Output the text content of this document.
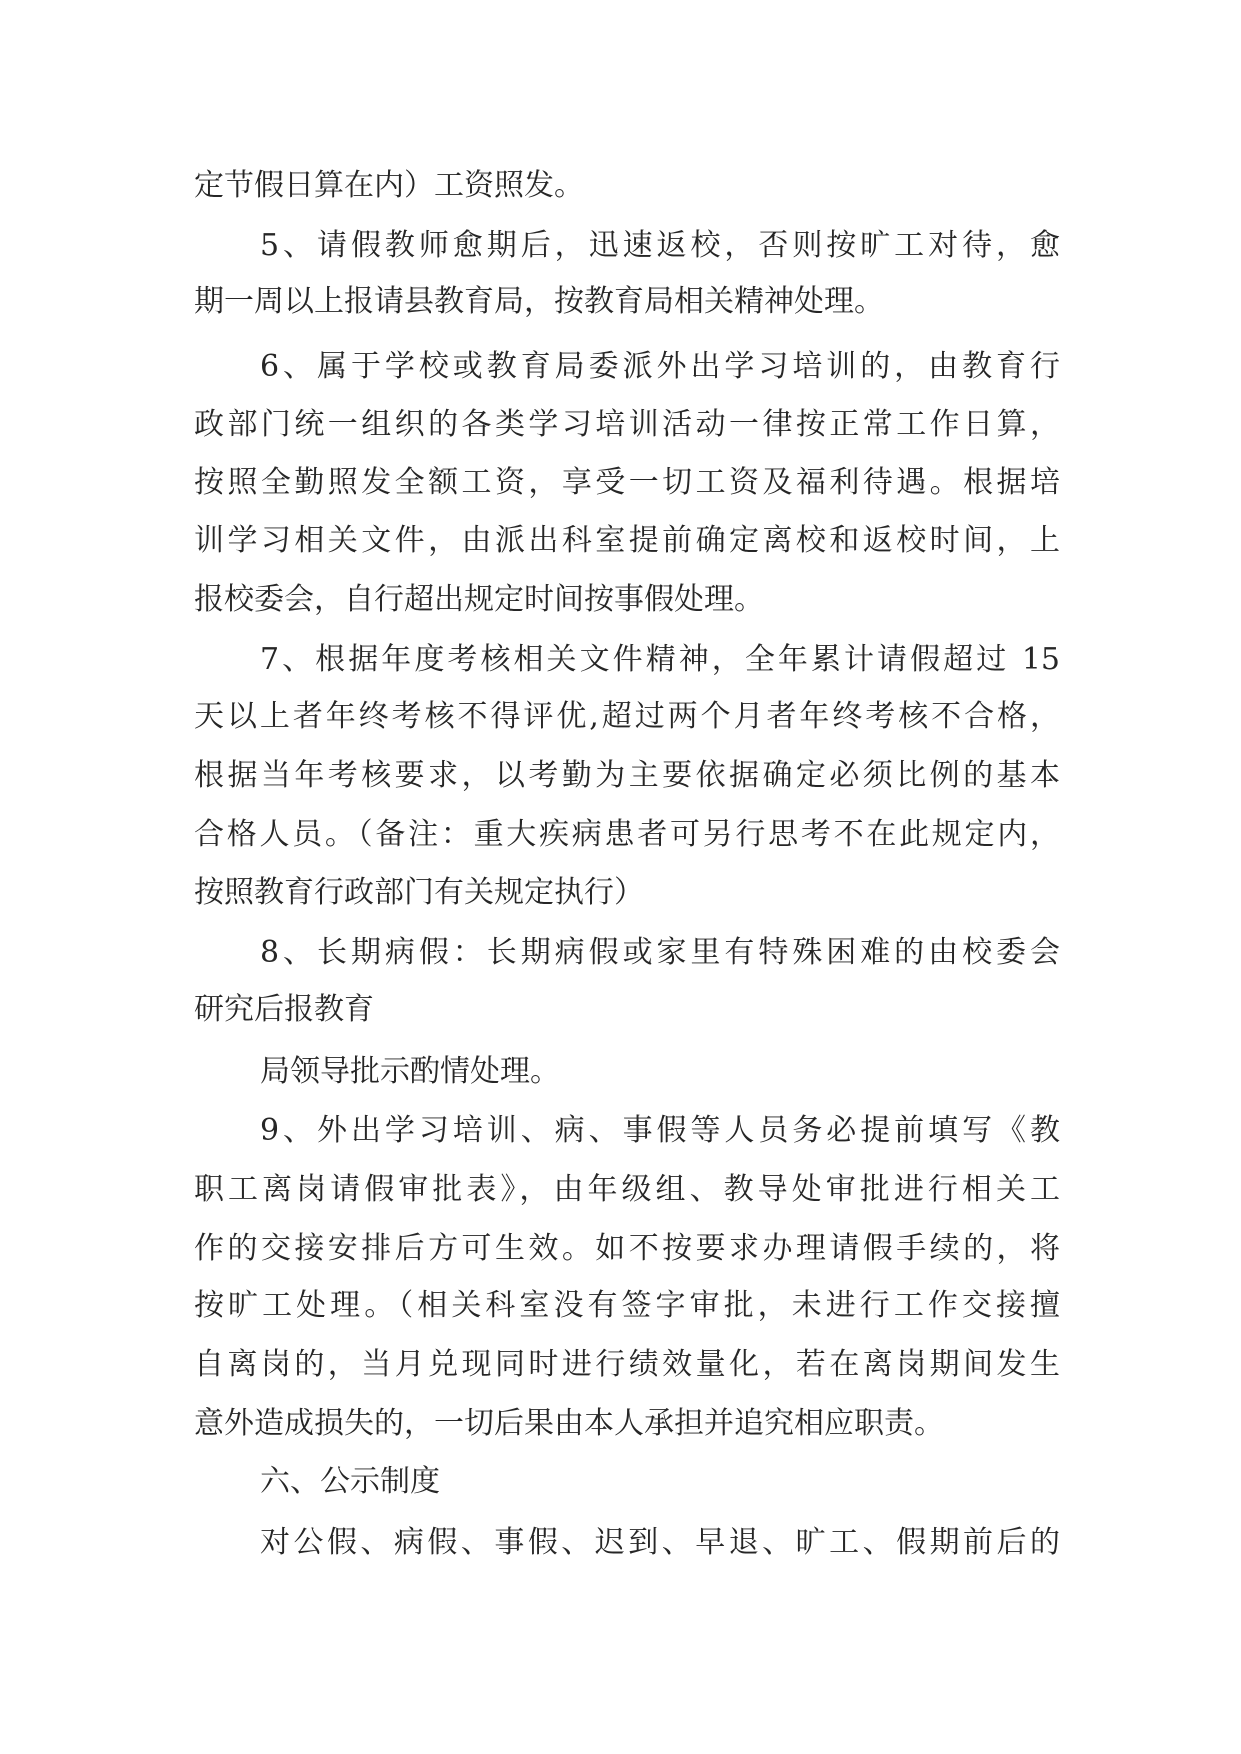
定节假日算在内）工资照发。
5、请假教师愈期后，迅速返校，否则按旷工对待，愈
期一周以上报请县教育局，按教育局相关精神处理。
6、属于学校或教育局委派外出学习培训的，由教育行
政部门统一组织的各类学习培训活动一律按正常工作日算，
按照全勤照发全额工资，享受一切工资及福利待遇。根据培
训学习相关文件，由派出科室提前确定离校和返校时间，上
报校委会，自行超出规定时间按事假处理。
7、根据年度考核相关文件精神，全年累计请假超过 15
天以上者年终考核不得评优,超过两个月者年终考核不合格，
根据当年考核要求，以考勤为主要依据确定必须比例的基本
合格人员。（备注：重大疾病患者可另行思考不在此规定内，
按照教育行政部门有关规定执行）
8、长期病假：长期病假或家里有特殊困难的由校委会
研究后报教育
局领导批示酌情处理。
9、外出学习培训、病、事假等人员务必提前填写《教
职工离岗请假审批表》，由年级组、教导处审批进行相关工
作的交接安排后方可生效。如不按要求办理请假手续的，将
按旷工处理。（相关科室没有签字审批，未进行工作交接擅
自离岗的，当月兑现同时进行绩效量化，若在离岗期间发生
意外造成损失的，一切后果由本人承担并追究相应职责。
六、公示制度
对公假、病假、事假、迟到、早退、旷工、假期前后的
